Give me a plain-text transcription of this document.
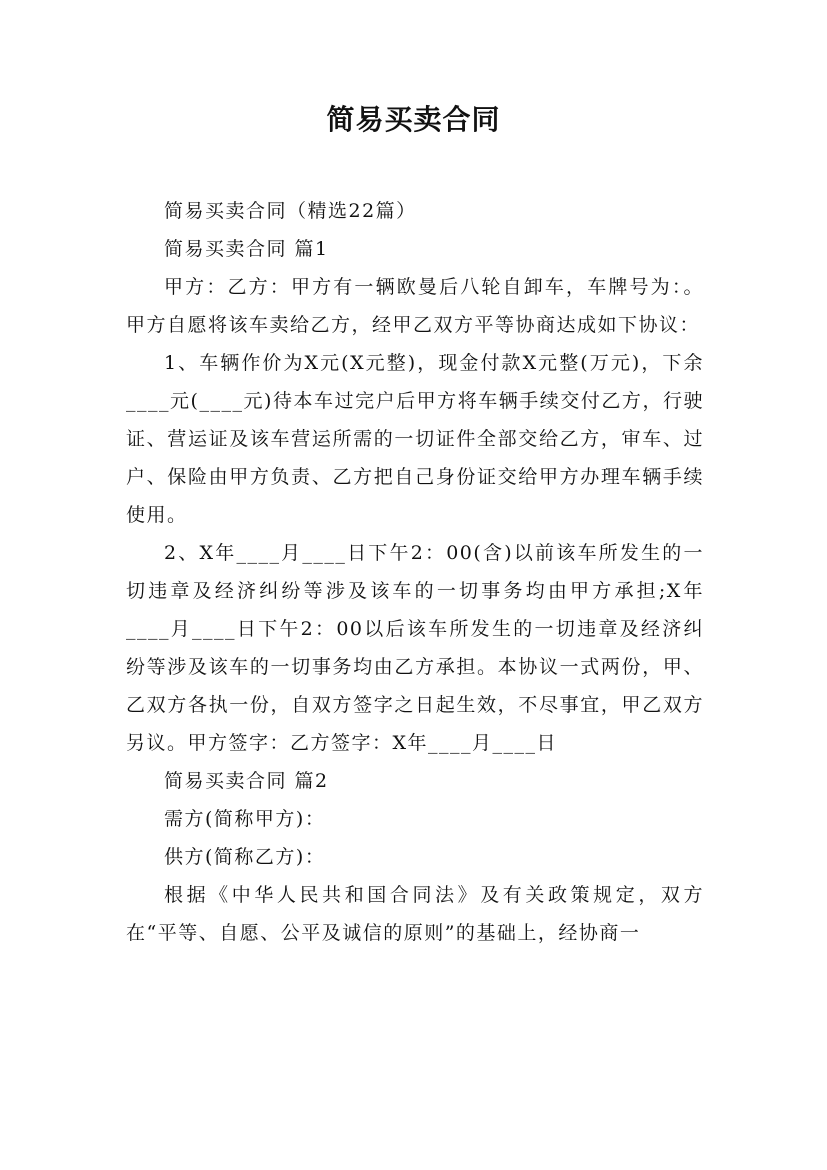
简易买卖合同

简易买卖合同（精选22篇）

简易买卖合同 篇1

甲方：乙方：甲方有一辆欧曼后八轮自卸车，车牌号为：。甲方自愿将该车卖给乙方，经甲乙双方平等协商达成如下协议：

1、车辆作价为X元(X元整)，现金付款X元整(万元)，下余____元(____元)待本车过完户后甲方将车辆手续交付乙方，行驶证、营运证及该车营运所需的一切证件全部交给乙方，审车、过户、保险由甲方负责、乙方把自己身份证交给甲方办理车辆手续使用。

2、X年____月____日下午2：00(含)以前该车所发生的一切违章及经济纠纷等涉及该车的一切事务均由甲方承担;X年____月____日下午2：00以后该车所发生的一切违章及经济纠纷等涉及该车的一切事务均由乙方承担。本协议一式两份，甲、乙双方各执一份，自双方签字之日起生效，不尽事宜，甲乙双方另议。甲方签字：乙方签字：X年____月____日

简易买卖合同 篇2

需方(简称甲方)：

供方(简称乙方)：

根据《中华人民共和国合同法》及有关政策规定，双方在“平等、自愿、公平及诚信的原则”的基础上，经协商一
